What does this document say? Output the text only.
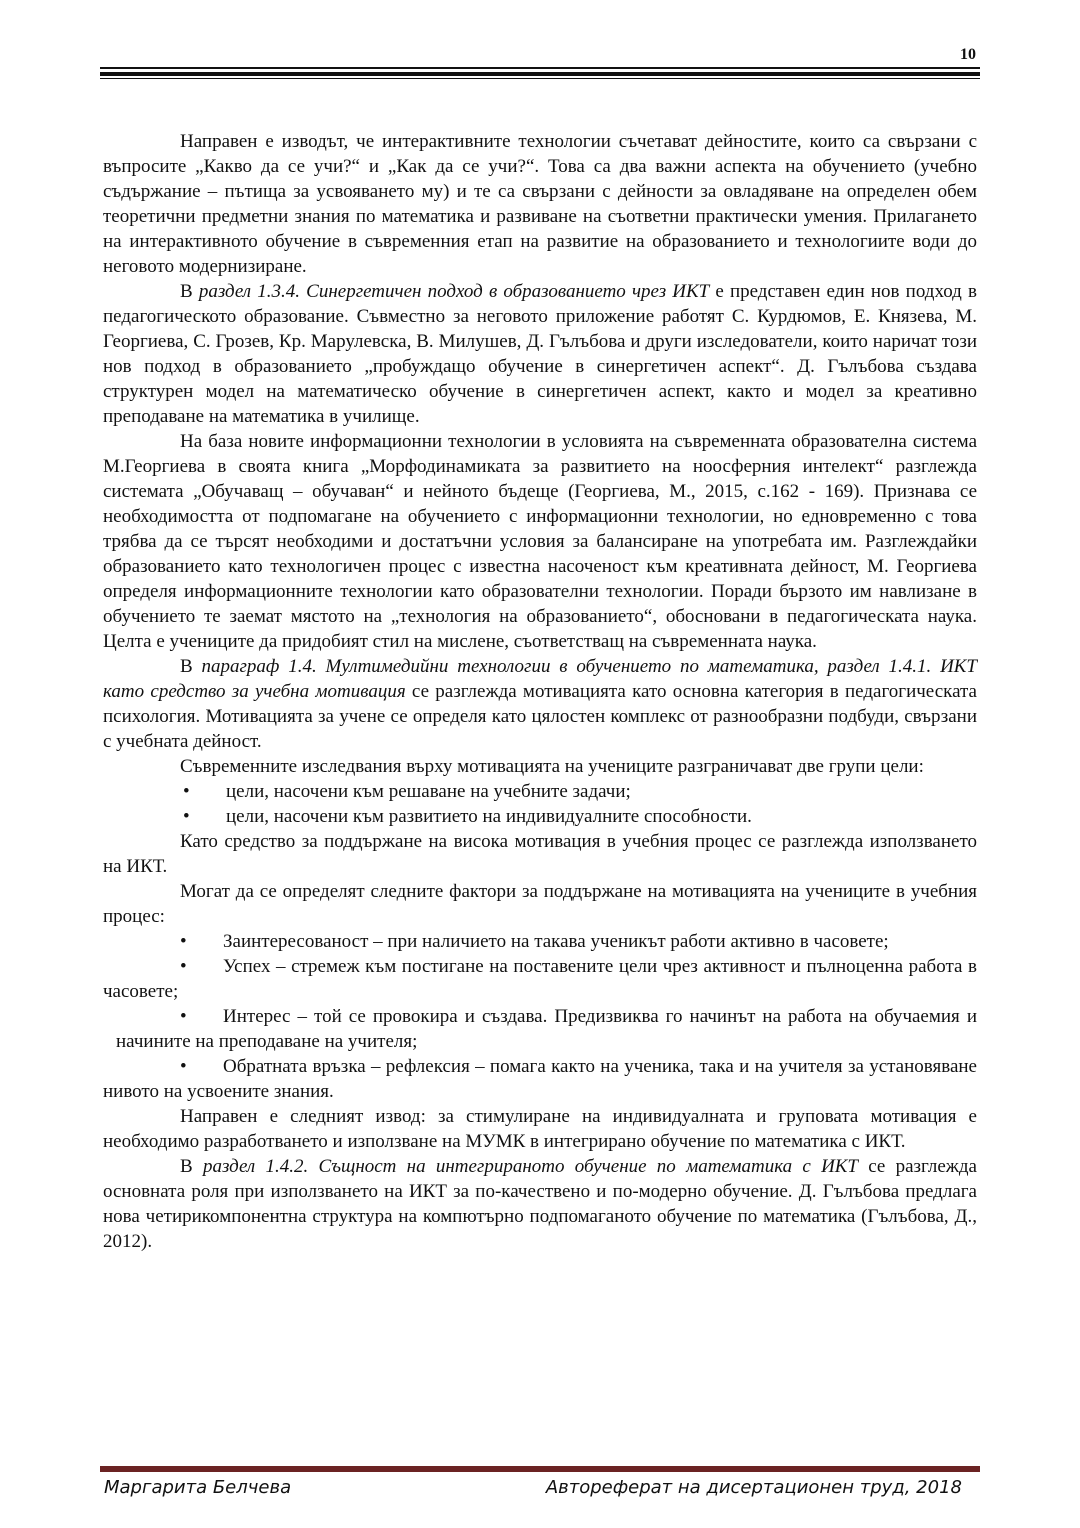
10

Направен е изводът, че интерактивните технологии съчетават дейностите, които са свързани с въпросите „Какво да се учи?“ и „Как да се учи?“. Това са два важни аспекта на обучението (учебно съдържание – пътища за усвояването му) и те са свързани с дейности за овладяване на определен обем теоретични предметни знания по математика и развиване на съответни практически умения. Прилагането на интерактивното обучение в съвременния етап на развитие на образованието и технологиите води до неговото модернизиране.

В раздел 1.3.4. Синергетичен подход в образованието чрез ИКТ е представен един нов подход в педагогическото образование. Съвместно за неговото приложение работят С. Курдюмов, Е. Князева, М. Георгиева, С. Грозев, Кр. Марулевска, В. Милушев, Д. Гълъбова и други изследователи, които наричат този нов подход в образованието „пробуждащо обучение в синергетичен аспект“. Д. Гълъбова създава структурен модел на математическо обучение в синергетичен аспект, както и модел за креативно преподаване на математика в училище.

На база новите информационни технологии в условията на съвременната образователна система М.Георгиева в своята книга „Морфодинамиката за развитието на ноосферния интелект“ разглежда системата „Обучаващ – обучаван“ и нейното бъдеще (Георгиева, М., 2015, с.162 - 169). Признава се необходимостта от подпомагане на обучението с информационни технологии, но едновременно с това трябва да се търсят необходими и достатъчни условия за балансиране на употребата им. Разглеждайки образованието като технологичен процес с известна насоченост към креативната дейност, М. Георгиева определя информационните технологии като образователни технологии. Поради бързото им навлизане в обучението те заемат мястото на „технология на образованието“, обосновани в педагогическата наука. Целта е учениците да придобият стил на мислене, съответстващ на съвременната наука.

В параграф 1.4. Мултимедийни технологии в обучението по математика, раздел 1.4.1. ИКТ като средство за учебна мотивация се разглежда мотивацията като основна категория в педагогическата психология. Мотивацията за учене се определя като цялостен комплекс от разнообразни подбуди, свързани с учебната дейност.

Съвременните изследвания върху мотивацията на учениците разграничават две групи цели:

•	цели, насочени към решаване на учебните задачи;

•	цели, насочени към развитието на индивидуалните способности.

Като средство за поддържане на висока мотивация в учебния процес се разглежда използването на ИКТ.

Могат да се определят следните фактори за поддържане на мотивацията на учениците в учебния процес:

• Заинтересованост – при наличието на такава ученикът работи активно в часовете;

• Успех – стремеж към постигане на поставените цели чрез активност и пълноценна работа в часовете;

• Интерес – той се провокира и създава. Предизвиква го начинът на работа на обучаемия и начините на преподаване на учителя;

• Обратната връзка – рефлексия – помага както на ученика, така и на учителя за установяване нивото на усвоените знания.

Направен е следният извод: за стимулиране на индивидуалната и груповата мотивация е необходимо разработването и използване на МУМК в интегрирано обучение по математика с ИКТ.

В раздел 1.4.2. Същност на интегрираното обучение по математика с ИКТ се разглежда основната роля при използването на ИКТ за по-качествено и по-модерно обучение. Д. Гълъбова предлага нова четирикомпонентна структура на компютърно подпомаганото обучение по математика (Гълъбова, Д., 2012).

Маргарита Белчева	Автореферат на дисертационен труд, 2018
